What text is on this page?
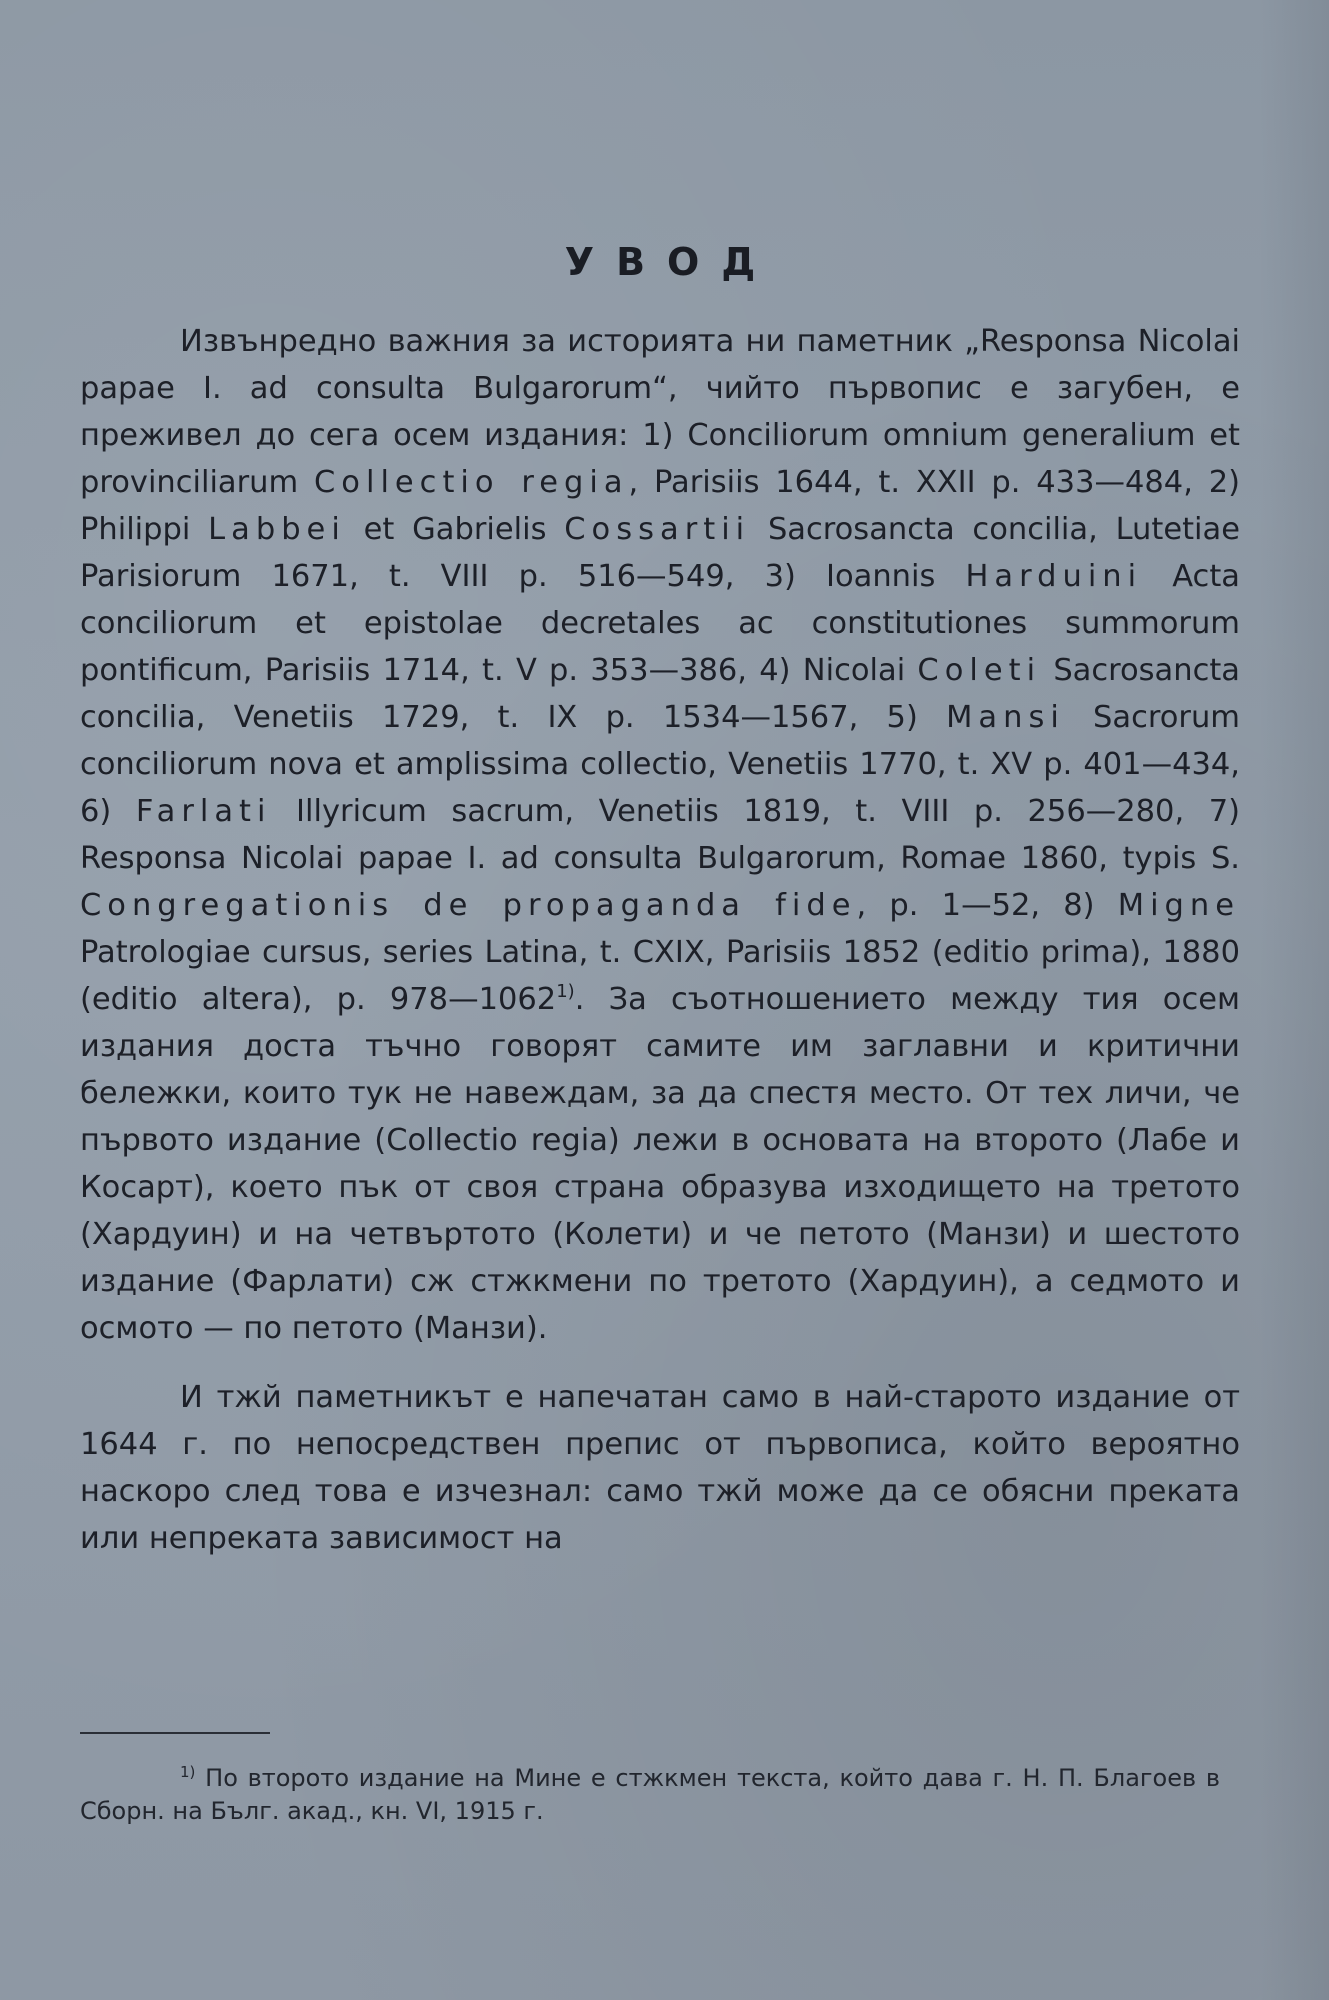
УВОД

Извънредно важния за историята ни паметник „Responsa Nicolai papae I. ad consulta Bulgarorum“, чийто първопис е загубен, е преживел до сега осем издания: 1) Conciliorum omnium generalium et provinciliarum Collectio regia, Parisiis 1644, t. XXII p. 433—484, 2) Philippi Labbei et Gabrielis Cossartii Sacrosancta concilia, Lutetiae Parisiorum 1671, t. VIII p. 516—549, 3) Ioannis Harduini Acta conciliorum et epistolae decretales ac constitutiones summorum pontificum, Parisiis 1714, t. V p. 353—386, 4) Nicolai Coleti Sacrosancta concilia, Venetiis 1729, t. IX p. 1534—1567, 5) Mansi Sacrorum conciliorum nova et amplissima collectio, Venetiis 1770, t. XV p. 401—434, 6) Farlati Illyricum sacrum, Venetiis 1819, t. VIII p. 256—280, 7) Responsa Nicolai papae I. ad consulta Bulgarorum, Romae 1860, typis S. Congregationis de propaganda fide, p. 1—52, 8) Migne Patrologiae cursus, series Latina, t. CXIX, Parisiis 1852 (editio prima), 1880 (editio altera), p. 978—1062$^{1)}$. За съотношението между тия осем издания доста тъчно говорят самите им заглавни и критични бележки, които тук не навеждам, за да спестя место. От тех личи, че първото издание (Collectio regia) лежи в основата на второто (Лабе и Косарт), което пък от своя страна образува изходището на третото (Хардуин) и на четвъртото (Колети) и че петото (Манзи) и шестото издание (Фарлати) сж стжкмени по третото (Хардуин), а седмото и осмото — по петото (Манзи).

И тжй паметникът е напечатан само в най-старото издание от 1644 г. по непосредствен препис от първописа, който вероятно наскоро след това е изчезнал: само тжй може да се обясни преката или непреката зависимост на

$^{1)}$ По второто издание на Мине е стжкмен текста, който дава г. Н. П. Благоев в Сборн. на Бълг. акад., кн. VI, 1915 г.
